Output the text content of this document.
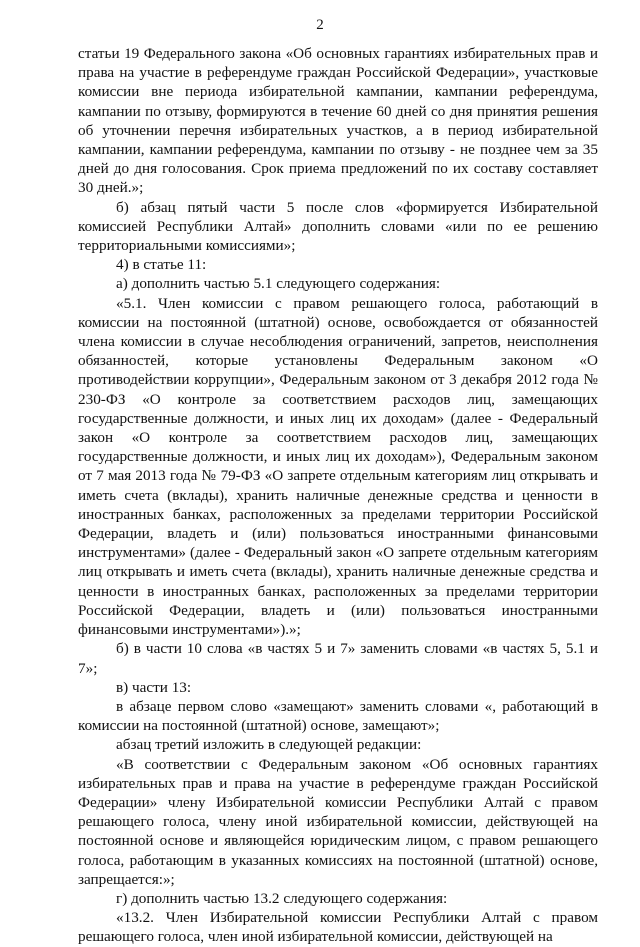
2

статьи 19 Федерального закона «Об основных гарантиях избирательных прав и права на участие в референдуме граждан Российской Федерации», участковые комиссии вне периода избирательной кампании, кампании референдума, кампании по отзыву, формируются в течение 60 дней со дня принятия решения об уточнении перечня избирательных участков, а в период избирательной кампании, кампании референдума, кампании по отзыву - не позднее чем за 35 дней до дня голосования. Срок приема предложений по их составу составляет 30 дней.»;

б) абзац пятый части 5 после слов «формируется Избирательной комиссией Республики Алтай» дополнить словами «или по ее решению территориальными комиссиями»;

4) в статье 11:

а) дополнить частью 5.1 следующего содержания:

«5.1. Член комиссии с правом решающего голоса, работающий в комиссии на постоянной (штатной) основе, освобождается от обязанностей члена комиссии в случае несоблюдения ограничений, запретов, неисполнения обязанностей, которые установлены Федеральным законом «О противодействии коррупции», Федеральным законом от 3 декабря 2012 года № 230-ФЗ «О контроле за соответствием расходов лиц, замещающих государственные должности, и иных лиц их доходам» (далее - Федеральный закон «О контроле за соответствием расходов лиц, замещающих государственные должности, и иных лиц их доходам»), Федеральным законом от 7 мая 2013 года № 79-ФЗ «О запрете отдельным категориям лиц открывать и иметь счета (вклады), хранить наличные денежные средства и ценности в иностранных банках, расположенных за пределами территории Российской Федерации, владеть и (или) пользоваться иностранными финансовыми инструментами» (далее - Федеральный закон «О запрете отдельным категориям лиц открывать и иметь счета (вклады), хранить наличные денежные средства и ценности в иностранных банках, расположенных за пределами территории Российской Федерации, владеть и (или) пользоваться иностранными финансовыми инструментами»).»;

б) в части 10 слова «в частях 5 и 7» заменить словами «в частях 5, 5.1 и 7»;

в) части 13:

в абзаце первом слово «замещают» заменить словами «, работающий в комиссии на постоянной (штатной) основе, замещают»;

абзац третий изложить в следующей редакции:

«В соответствии с Федеральным законом «Об основных гарантиях избирательных прав и права на участие в референдуме граждан Российской Федерации» члену Избирательной комиссии Республики Алтай с правом решающего голоса, члену иной избирательной комиссии, действующей на постоянной основе и являющейся юридическим лицом, с правом решающего голоса, работающим в указанных комиссиях на постоянной (штатной) основе, запрещается:»;

г) дополнить частью 13.2 следующего содержания:

«13.2. Член Избирательной комиссии Республики Алтай с правом решающего голоса, член иной избирательной комиссии, действующей на
